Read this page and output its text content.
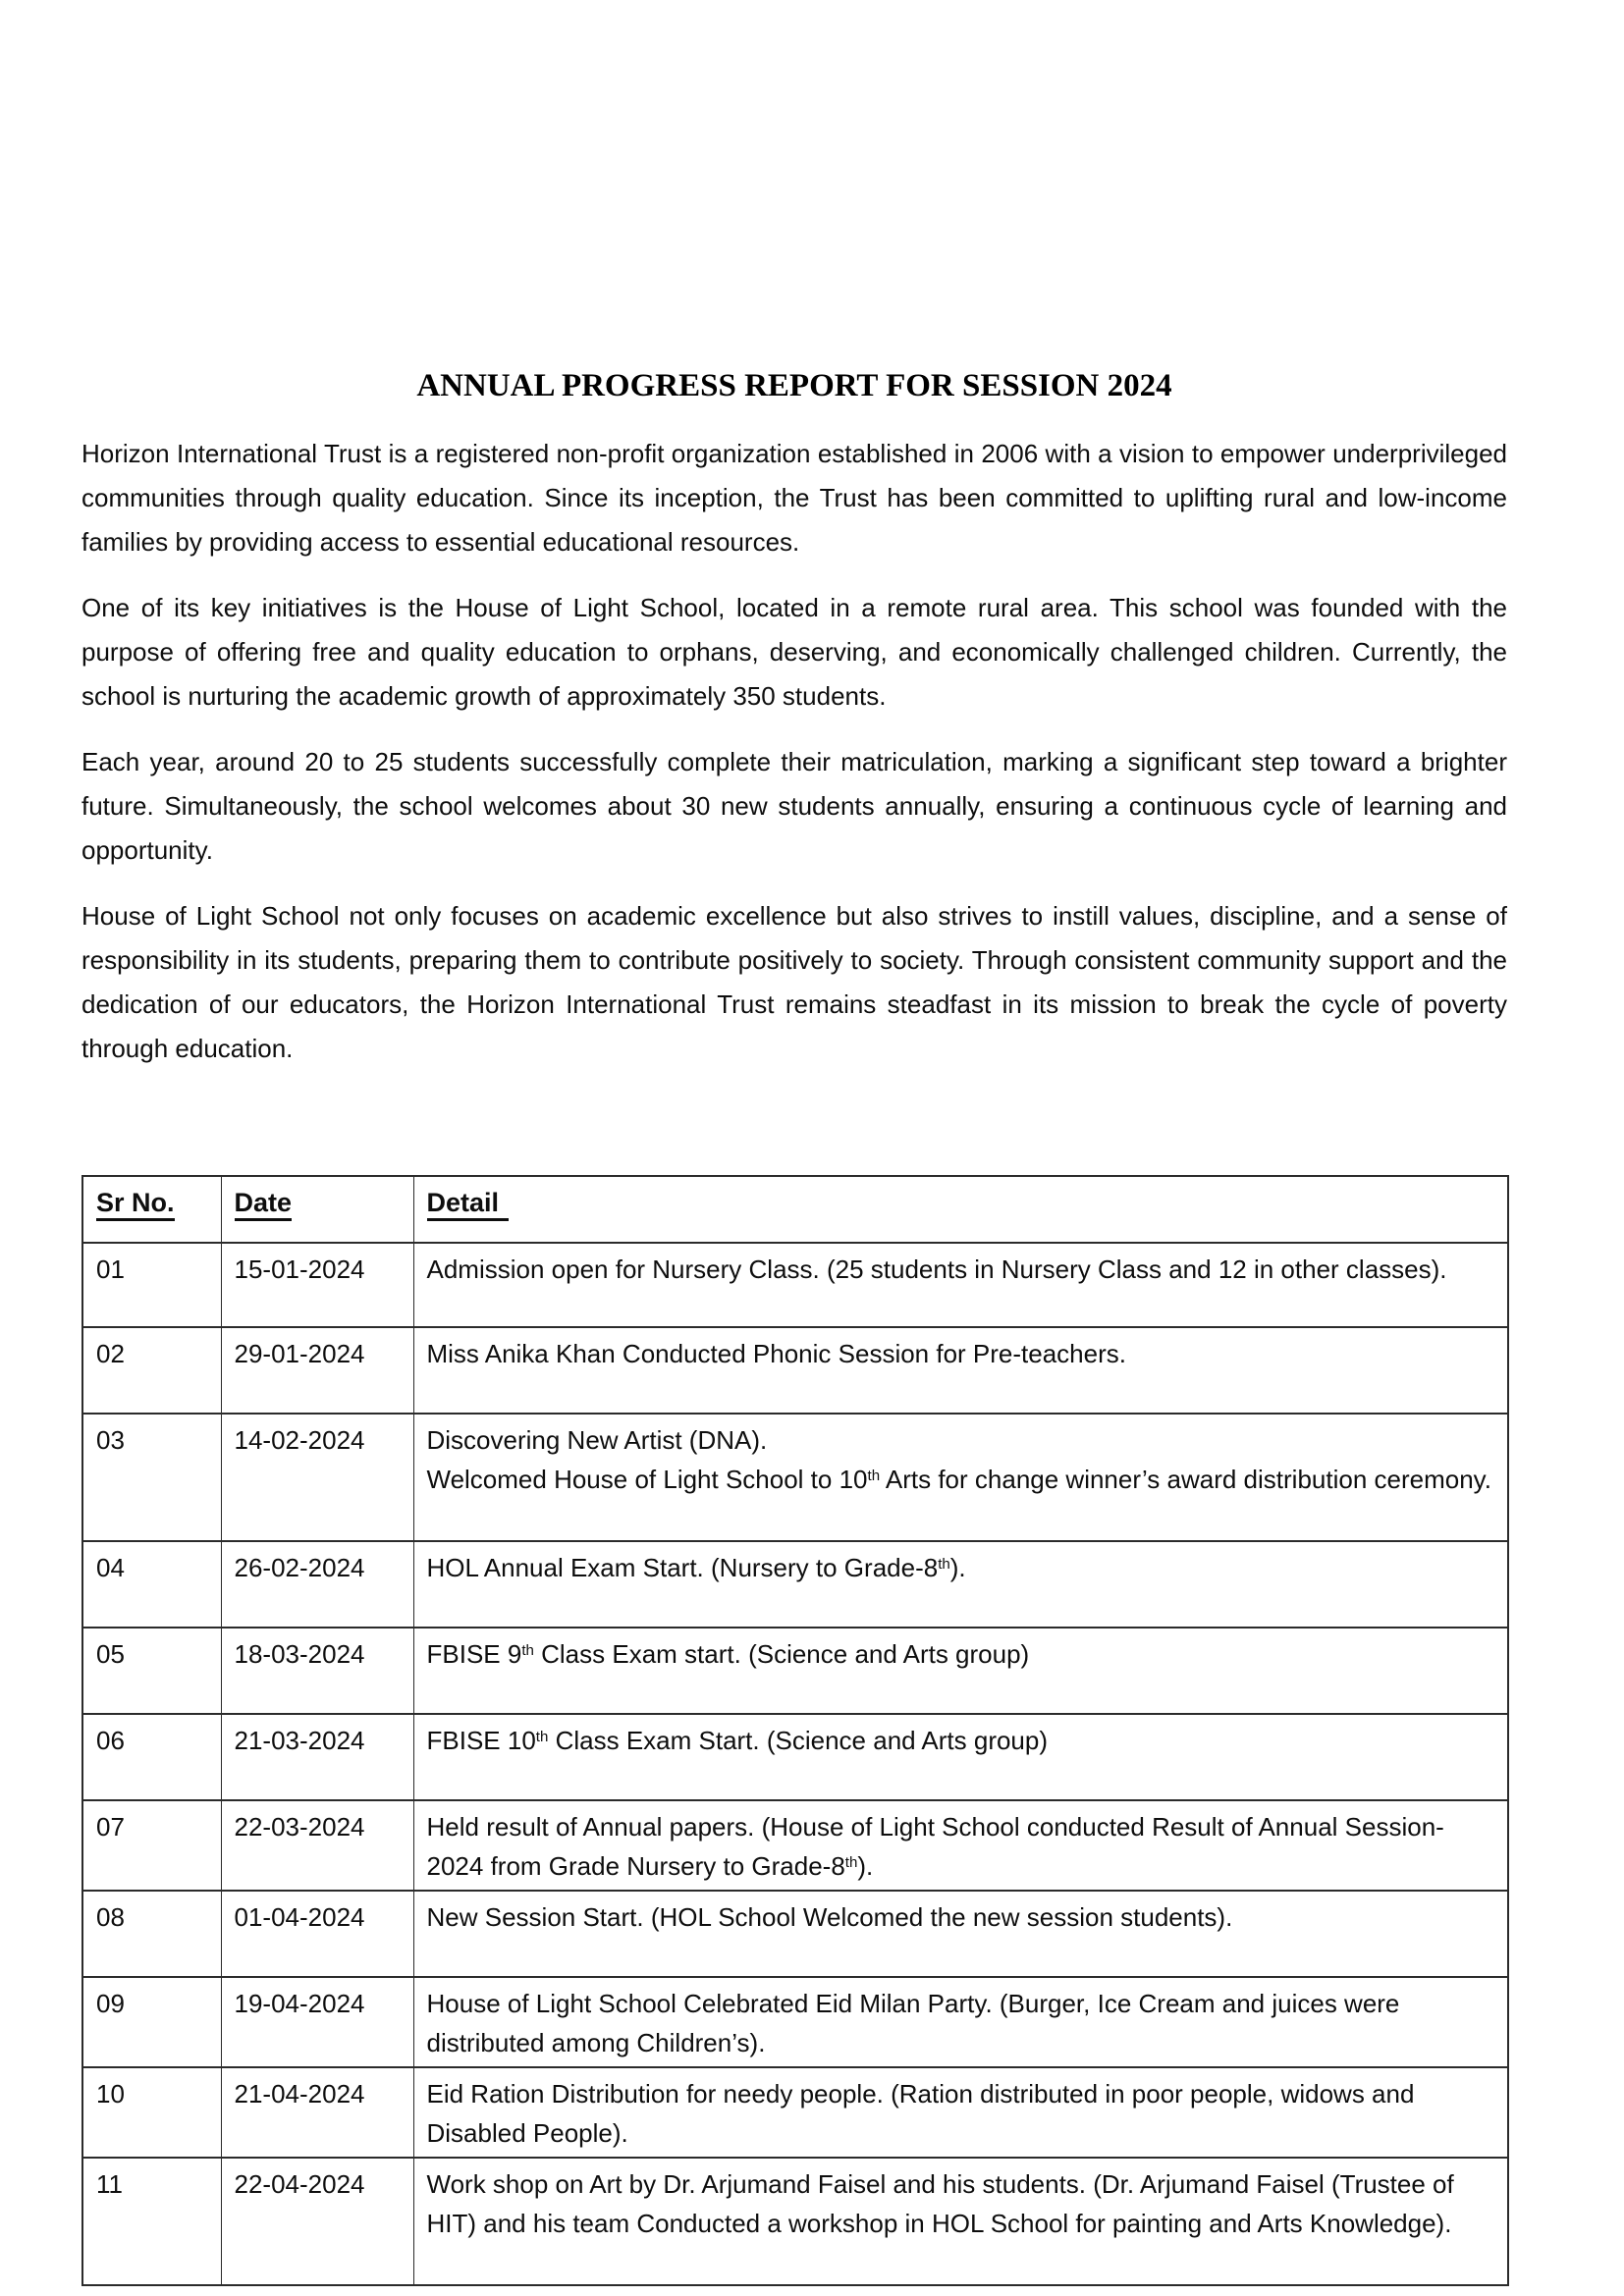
ANNUAL PROGRESS REPORT FOR SESSION 2024

Horizon International Trust is a registered non-profit organization established in 2006 with a vision to empower underprivileged communities through quality education. Since its inception, the Trust has been committed to uplifting rural and low-income families by providing access to essential educational resources.

One of its key initiatives is the House of Light School, located in a remote rural area. This school was founded with the purpose of offering free and quality education to orphans, deserving, and economically challenged children. Currently, the school is nurturing the academic growth of approximately 350 students.

Each year, around 20 to 25 students successfully complete their matriculation, marking a significant step toward a brighter future. Simultaneously, the school welcomes about 30 new students annually, ensuring a continuous cycle of learning and opportunity.

House of Light School not only focuses on academic excellence but also strives to instill values, discipline, and a sense of responsibility in its students, preparing them to contribute positively to society. Through consistent community support and the dedication of our educators, the Horizon International Trust remains steadfast in its mission to break the cycle of poverty through education.

Sr No.	Date	Detail
01	15-01-2024	Admission open for Nursery Class. (25 students in Nursery Class and 12 in other classes).
02	29-01-2024	Miss Anika Khan Conducted Phonic Session for Pre-teachers.
03	14-02-2024	Discovering New Artist (DNA).
Welcomed House of Light School to 10th Arts for change winner’s award distribution ceremony.
04	26-02-2024	HOL Annual Exam Start. (Nursery to Grade-8th).
05	18-03-2024	FBISE 9th Class Exam start. (Science and Arts group)
06	21-03-2024	FBISE 10th Class Exam Start. (Science and Arts group)
07	22-03-2024	Held result of Annual papers. (House of Light School conducted Result of Annual Session-2024 from Grade Nursery to Grade-8th).
08	01-04-2024	New Session Start. (HOL School Welcomed the new session students).
09	19-04-2024	House of Light School Celebrated Eid Milan Party. (Burger, Ice Cream and juices were distributed among Children’s).
10	21-04-2024	Eid Ration Distribution for needy people. (Ration distributed in poor people, widows and Disabled People).
11	22-04-2024	Work shop on Art by Dr. Arjumand Faisel and his students. (Dr. Arjumand Faisel (Trustee of HIT) and his team Conducted a workshop in HOL School for painting and Arts Knowledge).
